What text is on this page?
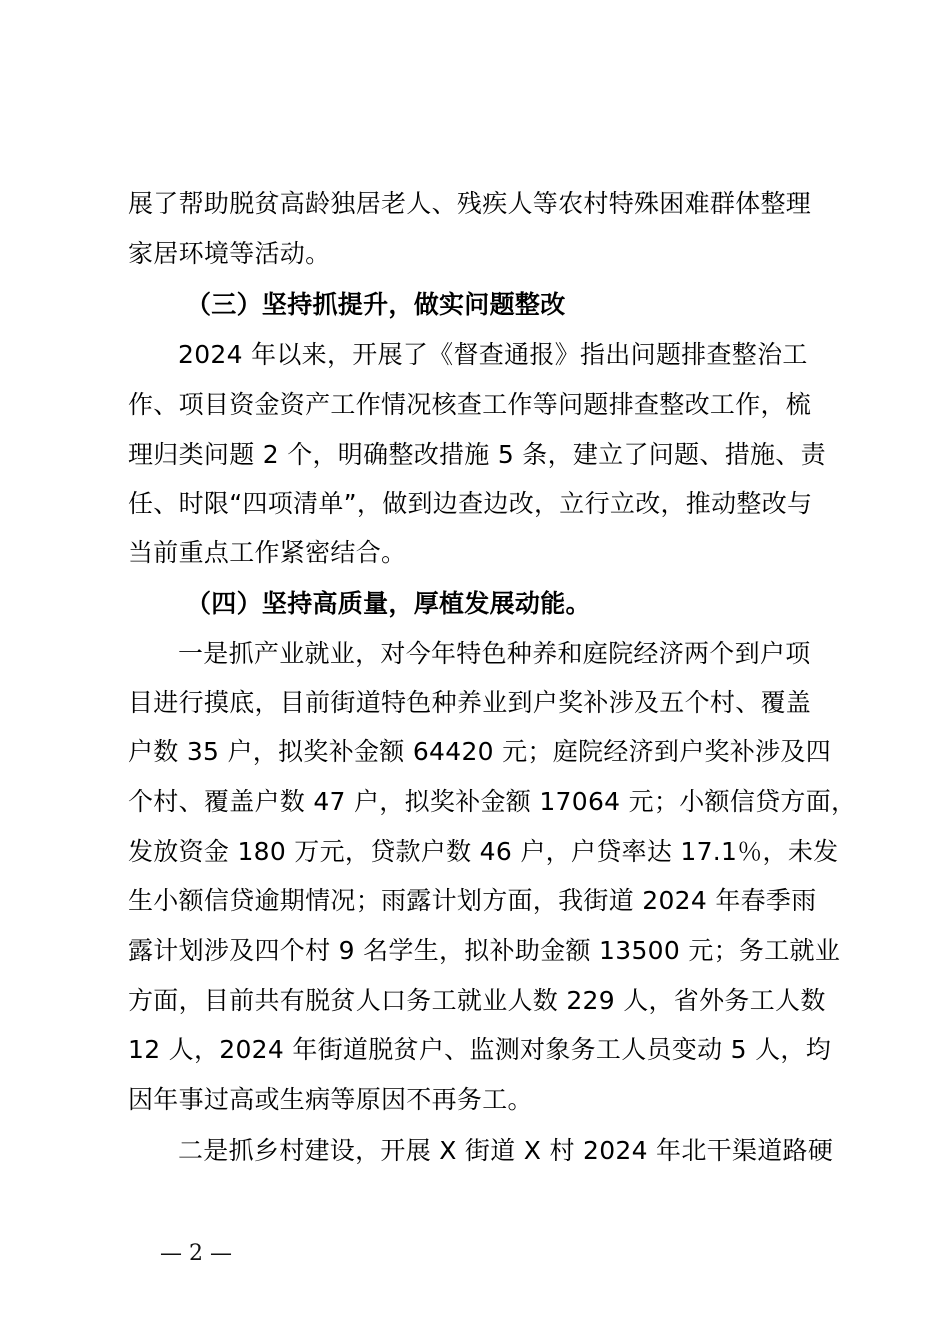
展了帮助脱贫高龄独居老人、残疾人等农村特殊困难群体整理
家居环境等活动。
（三）坚持抓提升，做实问题整改
2024 年以来，开展了《督查通报》指出问题排查整治工
作、项目资金资产工作情况核查工作等问题排查整改工作，梳
理归类问题 2 个，明确整改措施 5 条，建立了问题、措施、责
任、时限“四项清单”，做到边查边改，立行立改，推动整改与
当前重点工作紧密结合。
（四）坚持高质量，厚植发展动能。
一是抓产业就业，对今年特色种养和庭院经济两个到户项
目进行摸底，目前街道特色种养业到户奖补涉及五个村、覆盖
户数 35 户，拟奖补金额 64420 元；庭院经济到户奖补涉及四
个村、覆盖户数 47 户，拟奖补金额 17064 元；小额信贷方面，
发放资金 180 万元，贷款户数 46 户，户贷率达 17.1％，未发
生小额信贷逾期情况；雨露计划方面，我街道 2024 年春季雨
露计划涉及四个村 9 名学生，拟补助金额 13500 元；务工就业
方面，目前共有脱贫人口务工就业人数 229 人，省外务工人数
12 人，2024 年街道脱贫户、监测对象务工人员变动 5 人，均
因年事过高或生病等原因不再务工。
二是抓乡村建设，开展 X 街道 X 村 2024 年北干渠道路硬
— 2 —
